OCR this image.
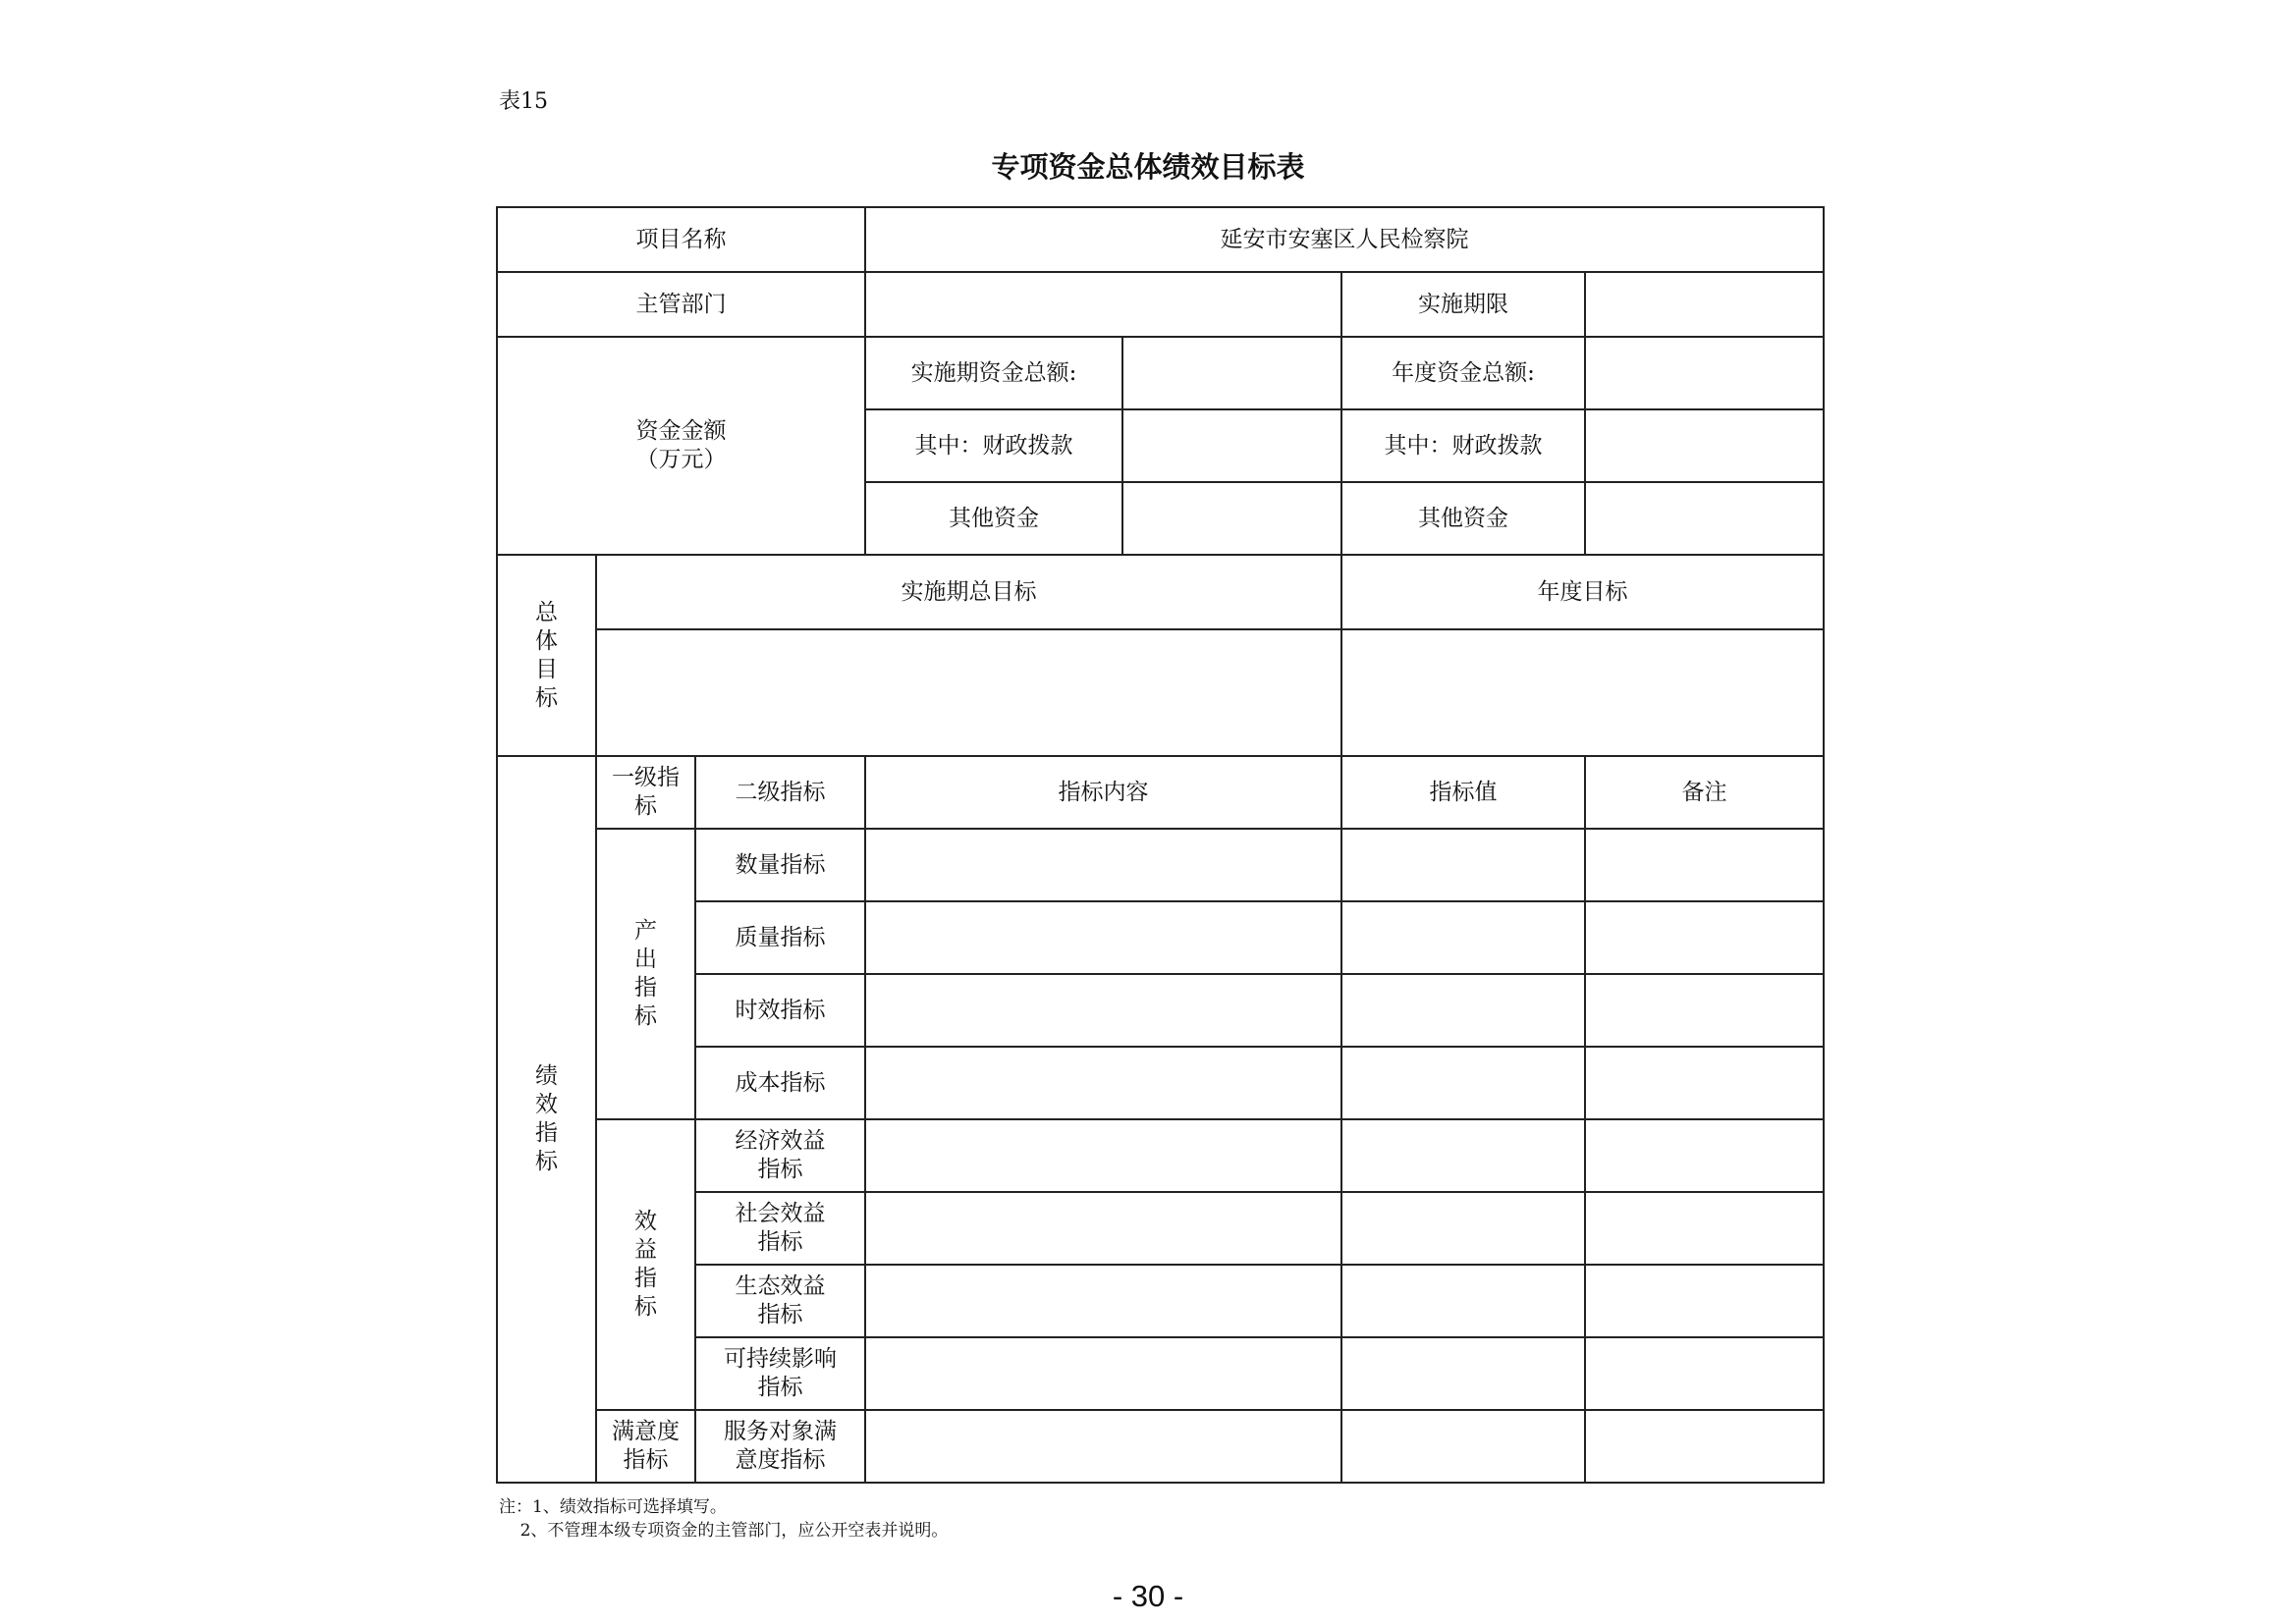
表15
专项资金总体绩效目标表
项目名称			延安市安塞区人民检察院			
主管部门					实施期限	

资金金额
（万元）			实施期资金总额:		年度资金总额:	
			其中：财政拨款		其中：财政拨款	
			其他资金		其他资金	
总体目标	实施期总目标				年度目标	

绩效指标	一级指标	二级指标	指标内容		指标值	备注
	产出指标	数量指标				
		质量指标				
		时效指标				
		成本指标				
	效益指标	经济效益指标				
		社会效益指标				
		生态效益指标				
		可持续影响指标				
	满意度指标	服务对象满意度指标				
注：1、绩效指标可选择填写。
2、不管理本级专项资金的主管部门，应公开空表并说明。
- 30 -
